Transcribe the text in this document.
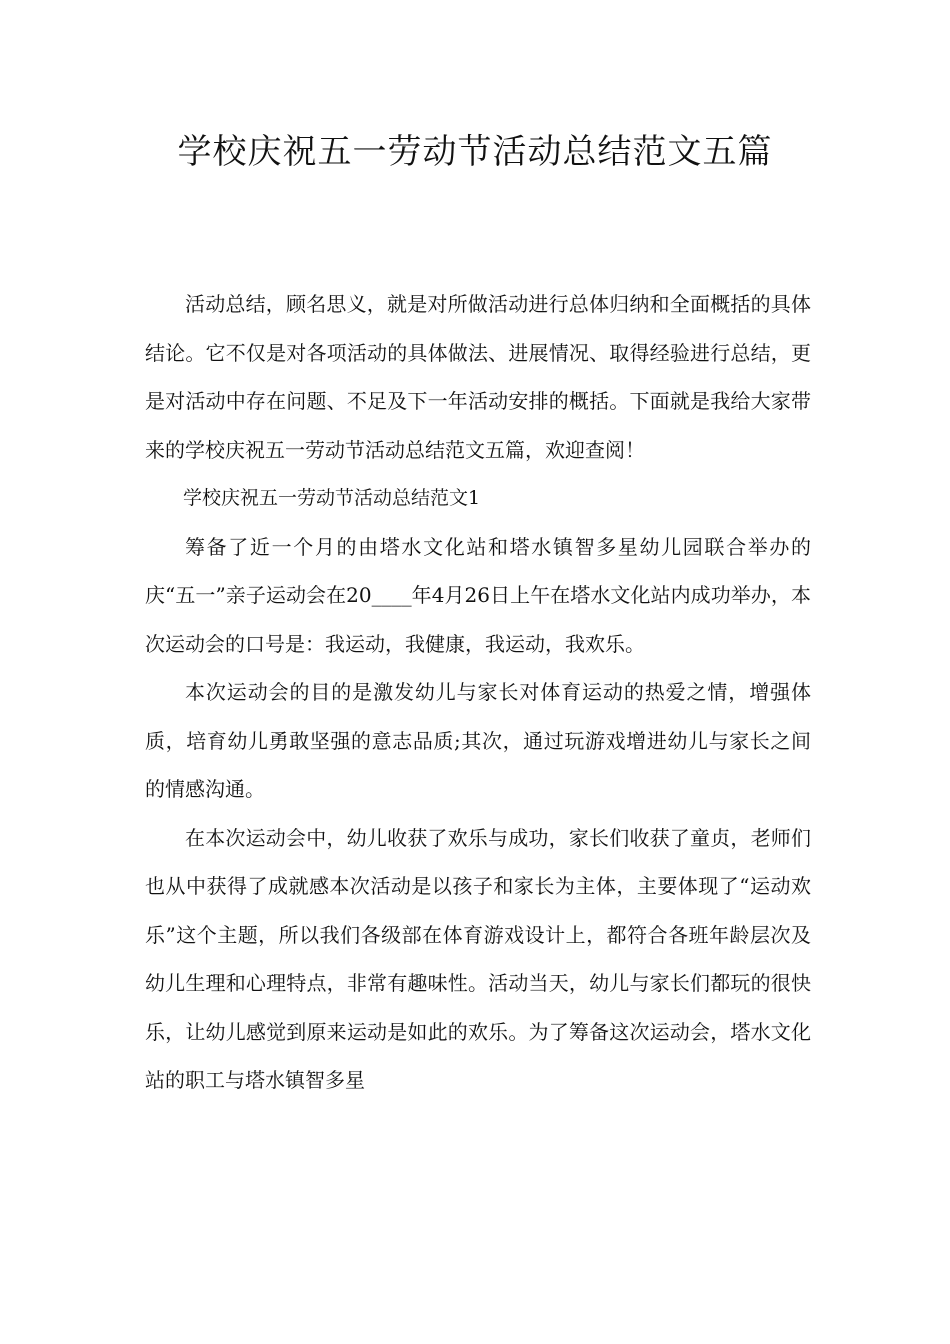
学校庆祝五一劳动节活动总结范文五篇

活动总结，顾名思义，就是对所做活动进行总体归纳和全面概括的具体结论。它不仅是对各项活动的具体做法、进展情况、取得经验进行总结，更是对活动中存在问题、不足及下一年活动安排的概括。下面就是我给大家带来的学校庆祝五一劳动节活动总结范文五篇，欢迎查阅！

学校庆祝五一劳动节活动总结范文1

筹备了近一个月的由塔水文化站和塔水镇智多星幼儿园联合举办的庆“五一”亲子运动会在20____年4月26日上午在塔水文化站内成功举办，本次运动会的口号是：我运动，我健康，我运动，我欢乐。

本次运动会的目的是激发幼儿与家长对体育运动的热爱之情，增强体质，培育幼儿勇敢坚强的意志品质;其次，通过玩游戏增进幼儿与家长之间的情感沟通。

在本次运动会中，幼儿收获了欢乐与成功，家长们收获了童贞，老师们也从中获得了成就感本次活动是以孩子和家长为主体，主要体现了“运动欢乐”这个主题，所以我们各级部在体育游戏设计上，都符合各班年龄层次及幼儿生理和心理特点，非常有趣味性。活动当天，幼儿与家长们都玩的很快乐，让幼儿感觉到原来运动是如此的欢乐。为了筹备这次运动会，塔水文化站的职工与塔水镇智多星
